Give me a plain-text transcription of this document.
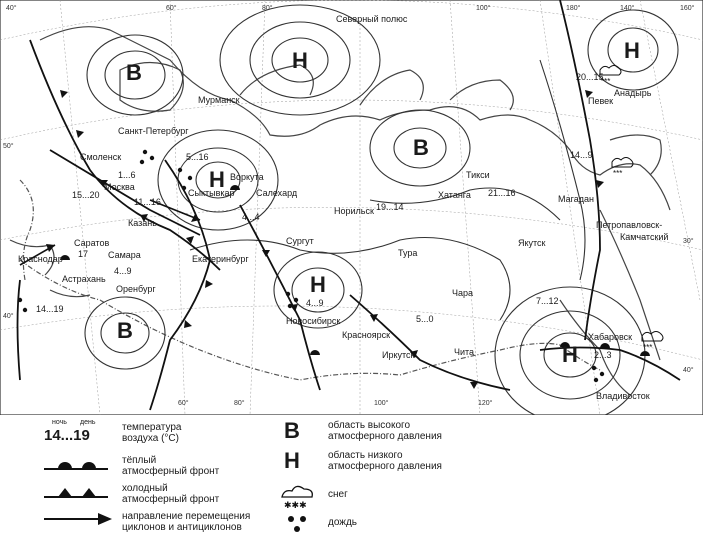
***
***
***
В	Н
В
Н
Н
В
Н
Н
Мурманск
Санкт-Петербург
Смоленск
Москва
Казань
Саратов
Краснодар	Самара
Астрахань
Оренбург
Сыктывкар
Воркута
Салехард
Екатеринбург
Сургут
Норильск
Новосибирск
Красноярск
Иркутск	Чита
Тикси
Хатанга
Тура
Якутск
Чара
Магадан
Певек
Анадырь
Петропавловск-
Камчатский
Хабаровск
Владивосток
Северный полюс
1...6
5...16
15...20
11...16
4...4
17
4...9
14...19
4...9
19...14
21...16
5...0
7...12
2...3
20...15
14...9
50°
30°
40°
40°
60°	80°	100°	120°
140°	160°
180°
40°	60°	80°	100°
ночь день
14...19	температура
воздуха (°C)
тёплый
атмосферный фронт
холодный
атмосферный фронт
направление перемещения
циклонов и антициклонов
В	область высокого
атмосферного давления
Н	область низкого
атмосферного давления
✱✱✱
снег
дождь
